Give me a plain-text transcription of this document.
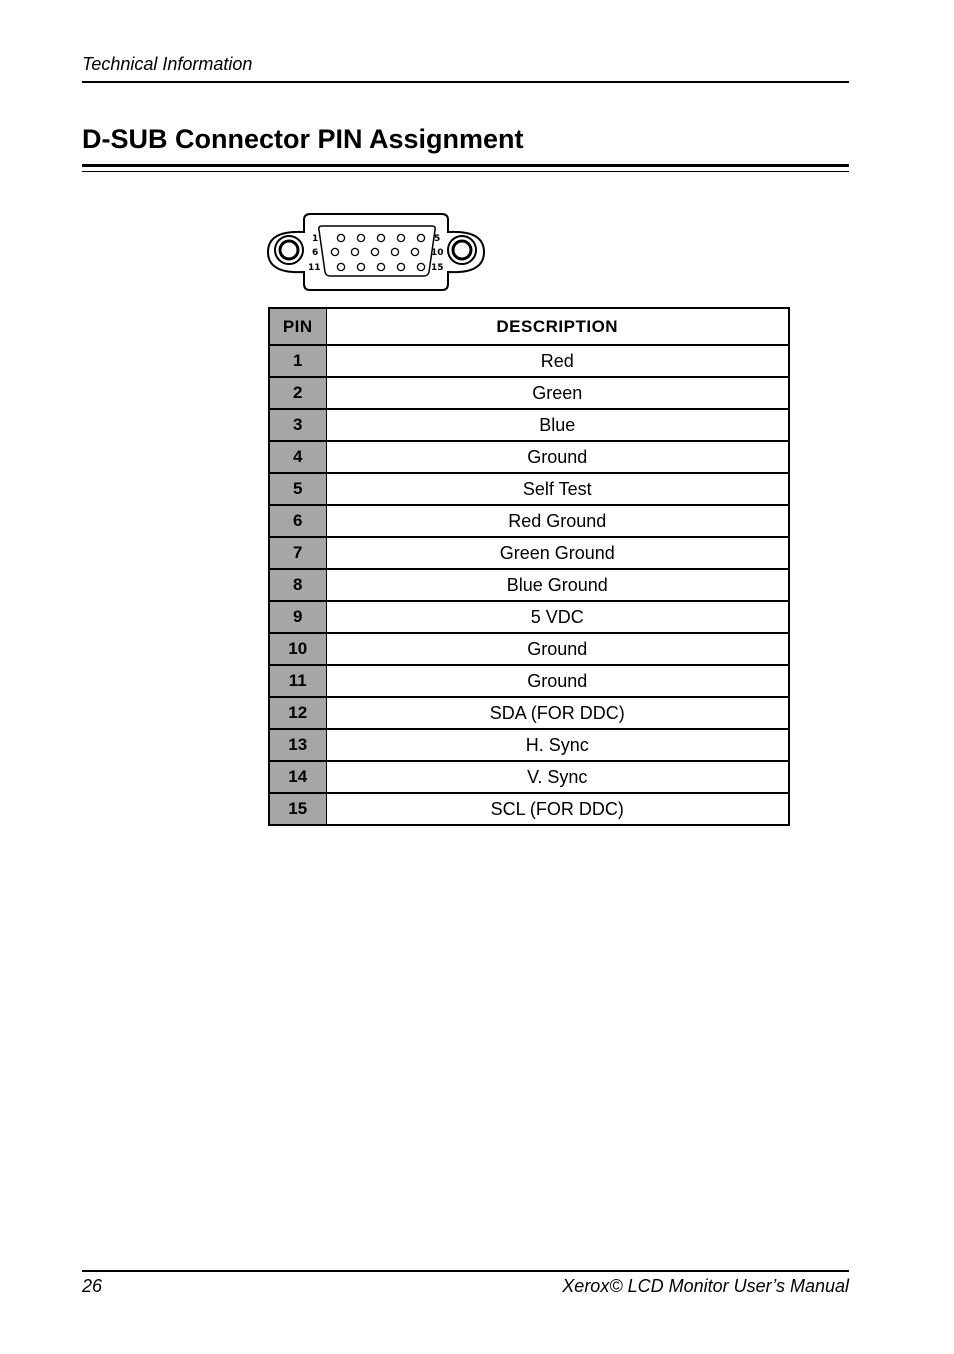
Technical Information
D-SUB Connector PIN Assignment
1	5
6	10
11	15
PIN	DESCRIPTION
1	Red
2	Green
3	Blue
4	Ground
5	Self Test
6	Red Ground
7	Green Ground
8	Blue Ground
9	5 VDC
10	Ground
11	Ground
12	SDA (FOR DDC)
13	H. Sync
14	V. Sync
15	SCL (FOR DDC)
26	Xerox© LCD Monitor User’s Manual
